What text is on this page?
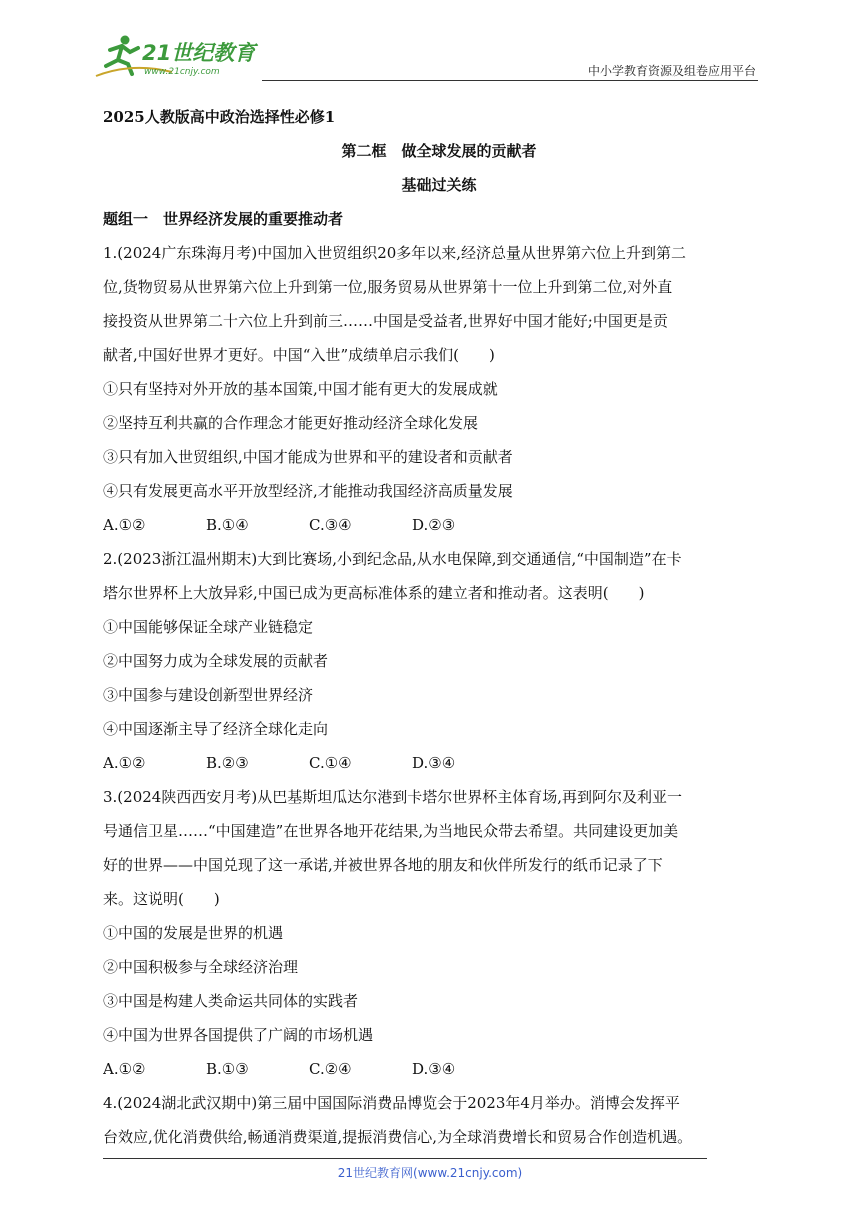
21世纪教育
www.21cnjy.com	中小学教育资源及组卷应用平台
2025人教版高中政治选择性必修1
第二框　做全球发展的贡献者
基础过关练
题组一　世界经济发展的重要推动者
1.(2024广东珠海月考)中国加入世贸组织20多年以来,经济总量从世界第六位上升到第二
位,货物贸易从世界第六位上升到第一位,服务贸易从世界第十一位上升到第二位,对外直
接投资从世界第二十六位上升到前三……中国是受益者,世界好中国才能好;中国更是贡
献者,中国好世界才更好。中国“入世”成绩单启示我们(　　)
①只有坚持对外开放的基本国策,中国才能有更大的发展成就
②坚持互利共赢的合作理念才能更好推动经济全球化发展
③只有加入世贸组织,中国才能成为世界和平的建设者和贡献者
④只有发展更高水平开放型经济,才能推动我国经济高质量发展
A.①②	B.①④	C.③④	D.②③
2.(2023浙江温州期末)大到比赛场,小到纪念品,从水电保障,到交通通信,“中国制造”在卡
塔尔世界杯上大放异彩,中国已成为更高标准体系的建立者和推动者。这表明(　　)
①中国能够保证全球产业链稳定
②中国努力成为全球发展的贡献者
③中国参与建设创新型世界经济
④中国逐渐主导了经济全球化走向
A.①②	B.②③	C.①④	D.③④
3.(2024陕西西安月考)从巴基斯坦瓜达尔港到卡塔尔世界杯主体育场,再到阿尔及利亚一
号通信卫星……“中国建造”在世界各地开花结果,为当地民众带去希望。共同建设更加美
好的世界——中国兑现了这一承诺,并被世界各地的朋友和伙伴所发行的纸币记录了下
来。这说明(　　)
①中国的发展是世界的机遇
②中国积极参与全球经济治理
③中国是构建人类命运共同体的实践者
④中国为世界各国提供了广阔的市场机遇
A.①②	B.①③	C.②④	D.③④
4.(2024湖北武汉期中)第三届中国国际消费品博览会于2023年4月举办。消博会发挥平
台效应,优化消费供给,畅通消费渠道,提振消费信心,为全球消费增长和贸易合作创造机遇。
21世纪教育网(www.21cnjy.com)
